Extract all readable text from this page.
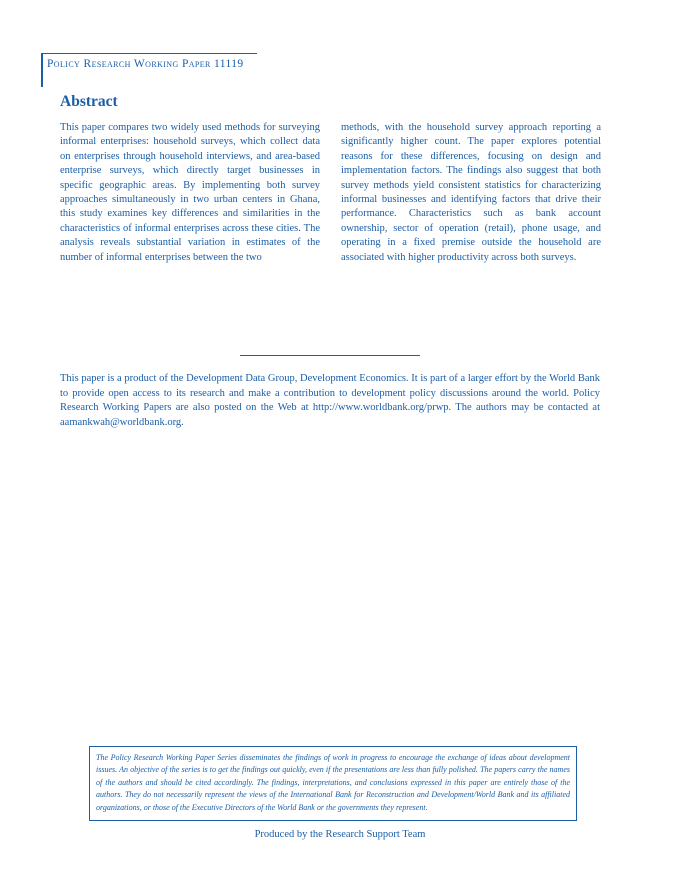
Policy Research Working Paper 11119
Abstract

This paper compares two widely used methods for surveying informal enterprises: household surveys, which collect data on enterprises through household interviews, and area-based enterprise surveys, which directly target businesses in specific geographic areas. By implementing both survey approaches simultaneously in two urban centers in Ghana, this study examines key differences and similarities in the characteristics of informal enterprises across these cities. The analysis reveals substantial variation in estimates of the number of informal enterprises between the two

methods, with the household survey approach reporting a significantly higher count. The paper explores potential reasons for these differences, focusing on design and implementation factors. The findings also suggest that both survey methods yield consistent statistics for characterizing informal businesses and identifying factors that drive their performance. Characteristics such as bank account ownership, sector of operation (retail), phone usage, and operating in a fixed premise outside the household are associated with higher productivity across both surveys.

This paper is a product of the Development Data Group, Development Economics. It is part of a larger effort by the World Bank to provide open access to its research and make a contribution to development policy discussions around the world. Policy Research Working Papers are also posted on the Web at http://www.worldbank.org/prwp. The authors may be contacted at aamankwah@worldbank.org.

The Policy Research Working Paper Series disseminates the findings of work in progress to encourage the exchange of ideas about development issues. An objective of the series is to get the findings out quickly, even if the presentations are less than fully polished. The papers carry the names of the authors and should be cited accordingly. The findings, interpretations, and conclusions expressed in this paper are entirely those of the authors. They do not necessarily represent the views of the International Bank for Reconstruction and Development/World Bank and its affiliated organizations, or those of the Executive Directors of the World Bank or the governments they represent.

Produced by the Research Support Team
